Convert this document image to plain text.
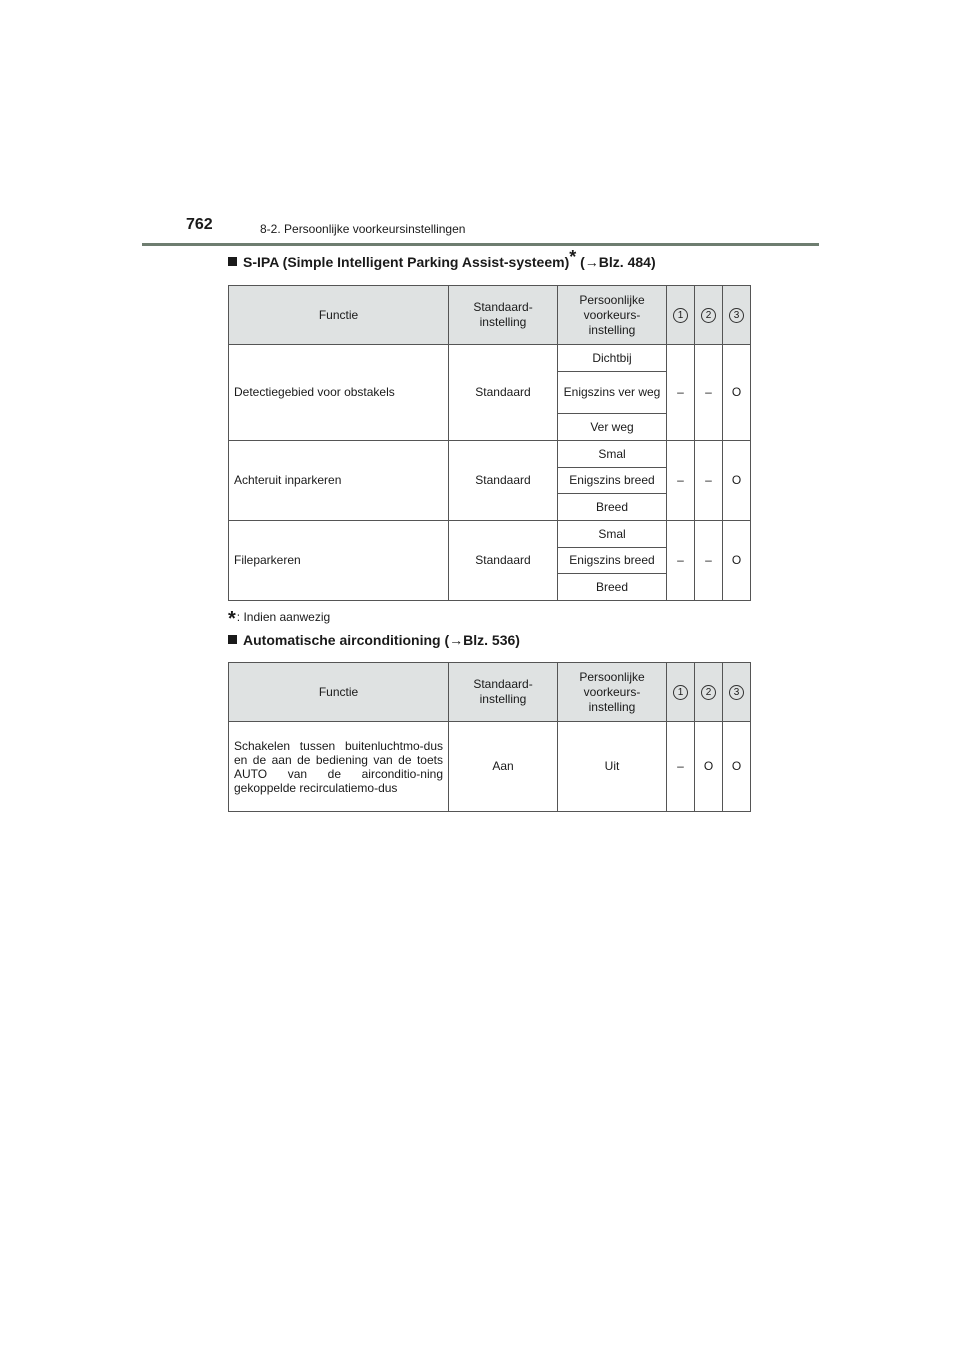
762	8-2. Persoonlijke voorkeursinstellingen
S-IPA (Simple Intelligent Parking Assist-systeem)* (→Blz. 484)
Functie	Standaard-instelling	Persoonlijke voorkeurs-instelling	1	2	3
Detectiegebied voor obstakels	Standaard	Dichtbij	–	–	O
		Enigszins ver weg			
		Ver weg			
Achteruit inparkeren	Standaard	Smal	–	–	O
		Enigszins breed			
		Breed			
Fileparkeren	Standaard	Smal	–	–	O
		Enigszins breed			
		Breed			
*: Indien aanwezig
Automatische airconditioning (→Blz. 536)
Functie	Standaard-instelling	Persoonlijke voorkeurs-instelling	1	2	3
Schakelen tussen buitenluchtmo-dus en de aan de bediening van de toets AUTO van de airconditio-ning gekoppelde recirculatiemo-dus	Aan	Uit	–	O	O
